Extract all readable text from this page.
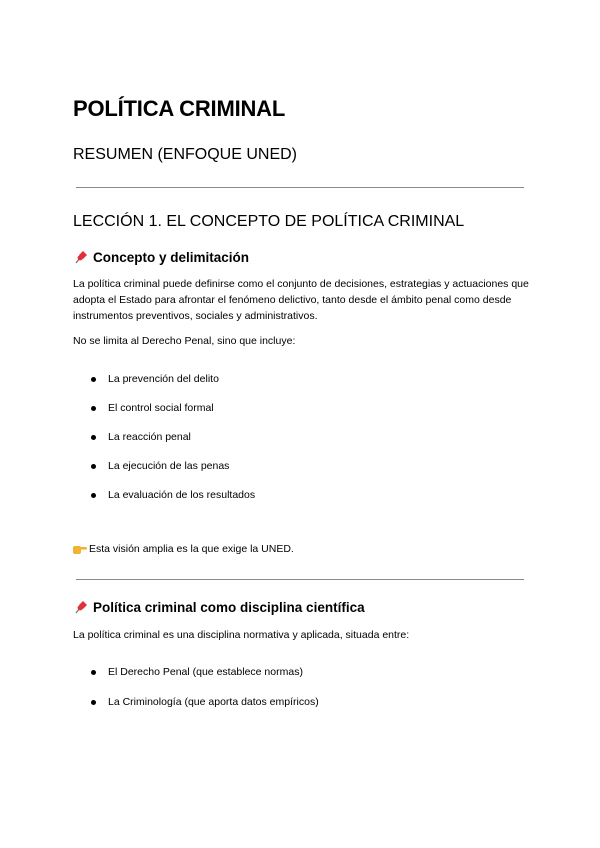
POLÍTICA CRIMINAL
RESUMEN (ENFOQUE UNED)
LECCIÓN 1. EL CONCEPTO DE POLÍTICA CRIMINAL
Concepto y delimitación
La política criminal puede definirse como el conjunto de decisiones, estrategias y actuaciones que adopta el Estado para afrontar el fenómeno delictivo, tanto desde el ámbito penal como desde instrumentos preventivos, sociales y administrativos.
No se limita al Derecho Penal, sino que incluye:
La prevención del delito
El control social formal
La reacción penal
La ejecución de las penas
La evaluación de los resultados
Esta visión amplia es la que exige la UNED.
Política criminal como disciplina científica
La política criminal es una disciplina normativa y aplicada, situada entre:
El Derecho Penal (que establece normas)
La Criminología (que aporta datos empíricos)
